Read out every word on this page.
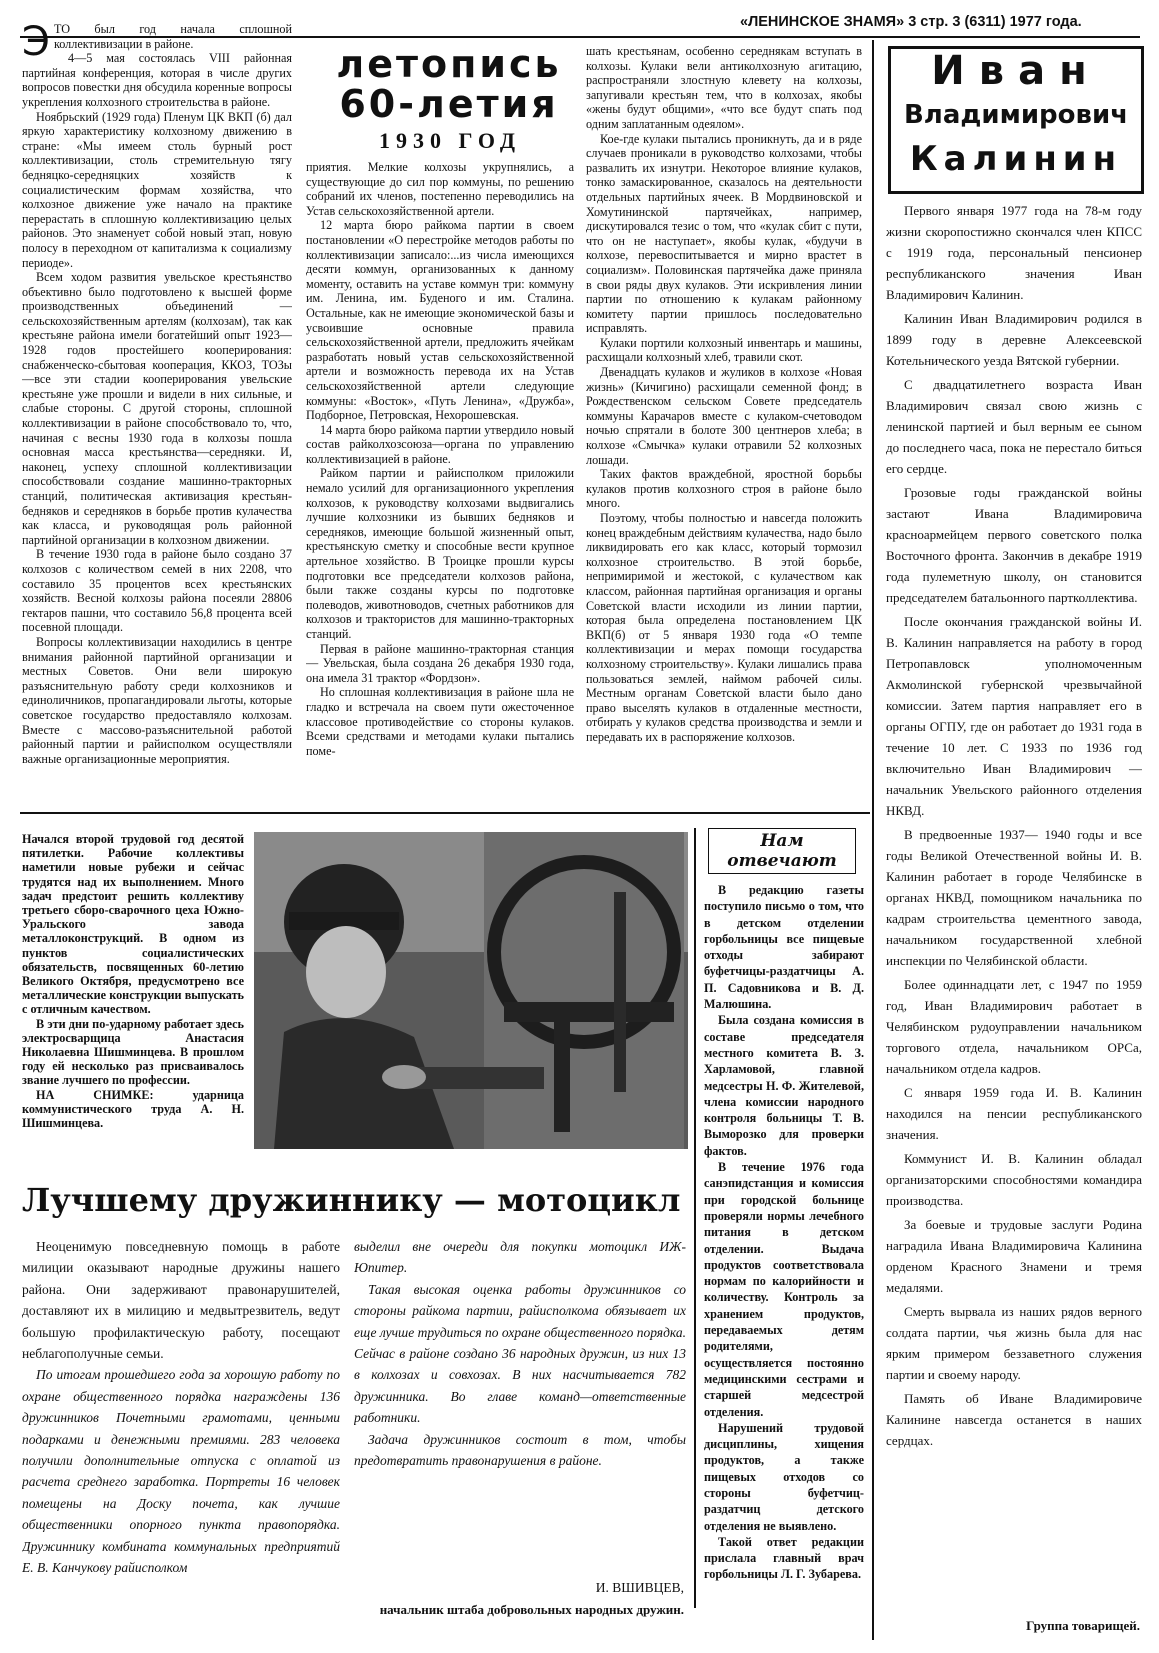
«ЛЕНИНСКОЕ ЗНАМЯ» 3 стр. 3 (6311) 1977 года.
летопись
60-летия
1930 ГОД
Э ТО был год начала сплошной коллективизации в районе.

4—5 мая состоялась VIII районная партийная конференция, которая в числе других вопросов повестки дня обсудила коренные вопросы укрепления колхозного строительства в районе.

Ноябрьский (1929 года) Пленум ЦК ВКП (б) дал яркую характеристику колхозному движению в стране: «Мы имеем столь бурный рост коллективизации, столь стремительную тягу бедняцко-середняцких хозяйств к социалистическим формам хозяйства, что колхозное движение уже начало на практике перерастать в сплошную коллективизацию целых районов. Это знаменует собой новый этап, новую полосу в переходном от капитализма к социализму периоде».

Всем ходом развития увельское крестьянство объективно было подготовлено к высшей форме производственных объединений — сельскохозяйственным артелям (колхозам), так как крестьяне района имели богатейший опыт 1923—1928 годов простейшего кооперирования: снабженческо-сбытовая кооперация, ККОЗ, ТОЗы—все эти стадии кооперирования увельские крестьяне уже прошли и видели в них сильные, и слабые стороны. С другой стороны, сплошной коллективизации в районе способствовало то, что, начиная с весны 1930 года в колхозы пошла основная масса крестьянства—середняки. И, наконец, успеху сплошной коллективизации способствовали создание машинно-тракторных станций, политическая активизация крестьян-бедняков и середняков в борьбе против кулачества как класса, и руководящая роль районной партийной организации в колхозном движении.

В течение 1930 года в районе было создано 37 колхозов с количеством семей в них 2208, что составило 35 процентов всех крестьянских хозяйств. Весной колхозы района посеяли 28806 гектаров пашни, что составило 56,8 процента всей посевной площади.

Вопросы коллективизации находились в центре внимания районной партийной организации и местных Советов. Они вели широкую разъяснительную работу среди колхозников и единоличников, пропагандировали льготы, которые советское государство предоставляло колхозам. Вместе с массово-разъяснительной работой районный партии и райисполком осуществляли важные организационные мероприятия.

приятия. Мелкие колхозы укрупнялись, а существующие до сил пор коммуны, по решению собраний их членов, постепенно переводились на Устав сельскохозяйственной артели.

12 марта бюро райкома партии в своем постановлении «О перестройке методов работы по коллективизации записало:...из числа имеющихся десяти коммун, организованных к данному моменту, оставить на уставе коммун три: коммуну им. Ленина, им. Буденого и им. Сталина. Остальные, как не имеющие экономической базы и усвоившие основные правила сельскохозяйственной артели, предложить ячейкам разработать новый устав сельскохозяйственной артели и возможность перевода их на Устав сельскохозяйственной артели следующие коммуны: «Восток», «Путь Ленина», «Дружба», Подборное, Петровская, Нехорошевская.

14 марта бюро райкома партии утвердило новый состав райколхозсоюза—органа по управлению коллективизацией в районе.

Райком партии и райисполком приложили немало усилий для организационного укрепления колхозов, к руководству колхозами выдвигались лучшие колхозники из бывших бедняков и середняков, имеющие большой жизненный опыт, крестьянскую сметку и способные вести крупное артельное хозяйство. В Троицке прошли курсы подготовки все председатели колхозов района, были также созданы курсы по подготовке полеводов, животноводов, счетных работников для колхозов и трактористов для машинно-тракторных станций.

Первая в районе машинно-тракторная станция — Увельская, была создана 26 декабря 1930 года, она имела 31 трактор «Фордзон».

Но сплошная коллективизация в районе шла не гладко и встречала на своем пути ожесточенное классовое противодействие со стороны кулаков. Всеми средствами и методами кулаки пытались поме-

шать крестьянам, особенно середнякам вступать в колхозы. Кулаки вели антиколхозную агитацию, распространяли злостную клевету на колхозы, запугивали крестьян тем, что в колхозах, якобы «жены будут общими», «что все будут спать под одним заплатанным одеялом».

Кое-где кулаки пытались проникнуть, да и в ряде случаев проникали в руководство колхозами, чтобы развалить их изнутри. Некоторое влияние кулаков, тонко замаскированное, сказалось на деятельности отдельных партийных ячеек. В Мордвиновской и Хомутининской партячейках, например, дискутировался тезис о том, что «кулак сбит с пути, что он не наступает», якобы кулак, «будучи в колхозе, перевоспитывается и мирно врастет в социализм». Половинская партячейка даже приняла в свои ряды двух кулаков. Эти искривления линии партии по отношению к кулакам районному комитету партии пришлось последовательно исправлять.

Кулаки портили колхозный инвентарь и машины, расхищали колхозный хлеб, травили скот.

Двенадцать кулаков и жуликов в колхозе «Новая жизнь» (Кичигино) расхищали семенной фонд; в Рождественском сельском Совете председатель коммуны Карачаров вместе с кулаком-счетоводом ночью спрятали в болоте 300 центнеров хлеба; в колхозе «Смычка» кулаки отравили 52 колхозных лошади.

Таких фактов враждебной, яростной борьбы кулаков против колхозного строя в районе было много.

Поэтому, чтобы полностью и навсегда положить конец враждебным действиям кулачества, надо было ликвидировать его как класс, который тормозил колхозное строительство. В этой борьбе, непримиримой и жестокой, с кулачеством как классом, районная партийная организация и органы Советской власти исходили из линии партии, которая была определена постановлением ЦК ВКП(б) от 5 января 1930 года «О темпе коллективизации и мерах помощи государства колхозному строительству». Кулаки лишались права пользоваться землей, наймом рабочей силы. Местным органам Советской власти было дано право выселять кулаков в отдаленные местности, отбирать у кулаков средства производства и земли и передавать их в распоряжение колхозов.

Иван
Владимирович
Калинин

Первого января 1977 года на 78-м году жизни скоропостижно скончался член КПСС с 1919 года, персональный пенсионер республиканского значения Иван Владимирович Калинин.

Калинин Иван Владимирович родился в 1899 году в деревне Алексеевской Котельнического уезда Вятской губернии.

С двадцатилетнего возраста Иван Владимирович связал свою жизнь с ленинской партией и был верным ее сыном до последнего часа, пока не перестало биться его сердце.

Грозовые годы гражданской войны застают Ивана Владимировича красноармейцем первого советского полка Восточного фронта. Закончив в декабре 1919 года пулеметную школу, он становится председателем батальонного партколлектива.

После окончания гражданской войны И. В. Калинин направляется на работу в город Петропавловск уполномоченным Акмолинской губернской чрезвычайной комиссии. Затем партия направляет его в органы ОГПУ, где он работает до 1931 года в течение 10 лет. С 1933 по 1936 год включительно Иван Владимирович — начальник Увельского районного отделения НКВД.

В предвоенные 1937— 1940 годы и все годы Великой Отечественной войны И. В. Калинин работает в городе Челябинске в органах НКВД, помощником начальника по кадрам строительства цементного завода, начальником государственной хлебной инспекции по Челябинской области.

Более одиннадцати лет, с 1947 по 1959 год, Иван Владимирович работает в Челябинском рудоуправлении начальником торгового отдела, начальником ОРСа, начальником отдела кадров.

С января 1959 года И. В. Калинин находился на пенсии республиканского значения.

Коммунист И. В. Калинин обладал организаторскими способностями командира производства.

За боевые и трудовые заслуги Родина наградила Ивана Владимировича Калинина орденом Красного Знамени и тремя медалями.

Смерть вырвала из наших рядов верного солдата партии, чья жизнь была для нас ярким примером беззаветного служения партии и своему народу.

Память об Иване Владимировиче Калинине навсегда останется в наших сердцах.

Группа товарищей.

Начался второй трудовой год десятой пятилетки. Рабочие коллективы наметили новые рубежи и сейчас трудятся над их выполнением. Много задач предстоит решить коллективу третьего сборо-сварочного цеха Южно-Уральского завода металлоконструкций. В одном из пунктов социалистических обязательств, посвященных 60-летию Великого Октября, предусмотрено все металлические конструкции выпускать с отличным качеством.

В эти дни по-ударному работает здесь электросварщица Анастасия Николаевна Шишминцева. В прошлом году ей несколько раз присваивалось звание лучшего по профессии.

НА СНИМКЕ:	ударница коммунистического труда А. Н. Шишминцева.

Нам
отвечают

В редакцию газеты поступило письмо о том, что в детском отделении горбольницы все пищевые отходы забирают буфетчицы-раздатчицы А. П. Садовникова и В. Д. Малюшина.

Была создана комиссия в составе председателя местного комитета В. З. Харламовой, главной медсестры Н. Ф. Жителевой, члена комиссии народного контроля больницы Т. В. Выморозко для проверки фактов.

В течение 1976 года санэпидстанция и комиссия при городской больнице проверяли нормы лечебного питания в детском отделении. Выдача продуктов соответствовала нормам по калорийности и количеству. Контроль за хранением продуктов, передаваемых детям родителями, осуществляется постоянно медицинскими сестрами и старшей медсестрой отделения.

Нарушений трудовой дисциплины, хищения продуктов, а также пищевых отходов со стороны буфетчиц-раздатчиц детского отделения не выявлено.

Такой ответ редакции прислала главный врач горбольницы Л. Г. Зубарева.

Лучшему дружиннику — мотоцикл

Неоценимую повседневную помощь в работе милиции оказывают народные дружины нашего района. Они задерживают правонарушителей, доставляют их в милицию и медвытрезвитель, ведут большую профилактическую работу, посещают неблагополучные семьи.

По итогам прошедшего года за хорошую работу по охране общественного порядка награждены 136 дружинников Почетными грамотами, ценными подарками и денежными премиями. 283 человека получили дополнительные отпуска с оплатой из расчета среднего заработка. Портреты 16 человек помещены на Доску почета, как лучшие общественники опорного пункта правопорядка. Дружиннику комбината коммунальных предприятий Е. В. Канчукову райисполком

выделил вне очереди для покупки мотоцикл ИЖ-Юпитер.

Такая высокая оценка работы дружинников со стороны райкома партии, райисполкома обязывает их еще лучше трудиться по охране общественного порядка. Сейчас в районе создано 36 народных дружин, из них 13 в колхозах и совхозах. В них насчитывается 782 дружинника. Во главе команд—ответственные работники.

Задача дружинников состоит в том, чтобы предотвратить правонарушения в районе.

И. ВШИВЦЕВ,
начальник штаба добровольных народных дружин.
